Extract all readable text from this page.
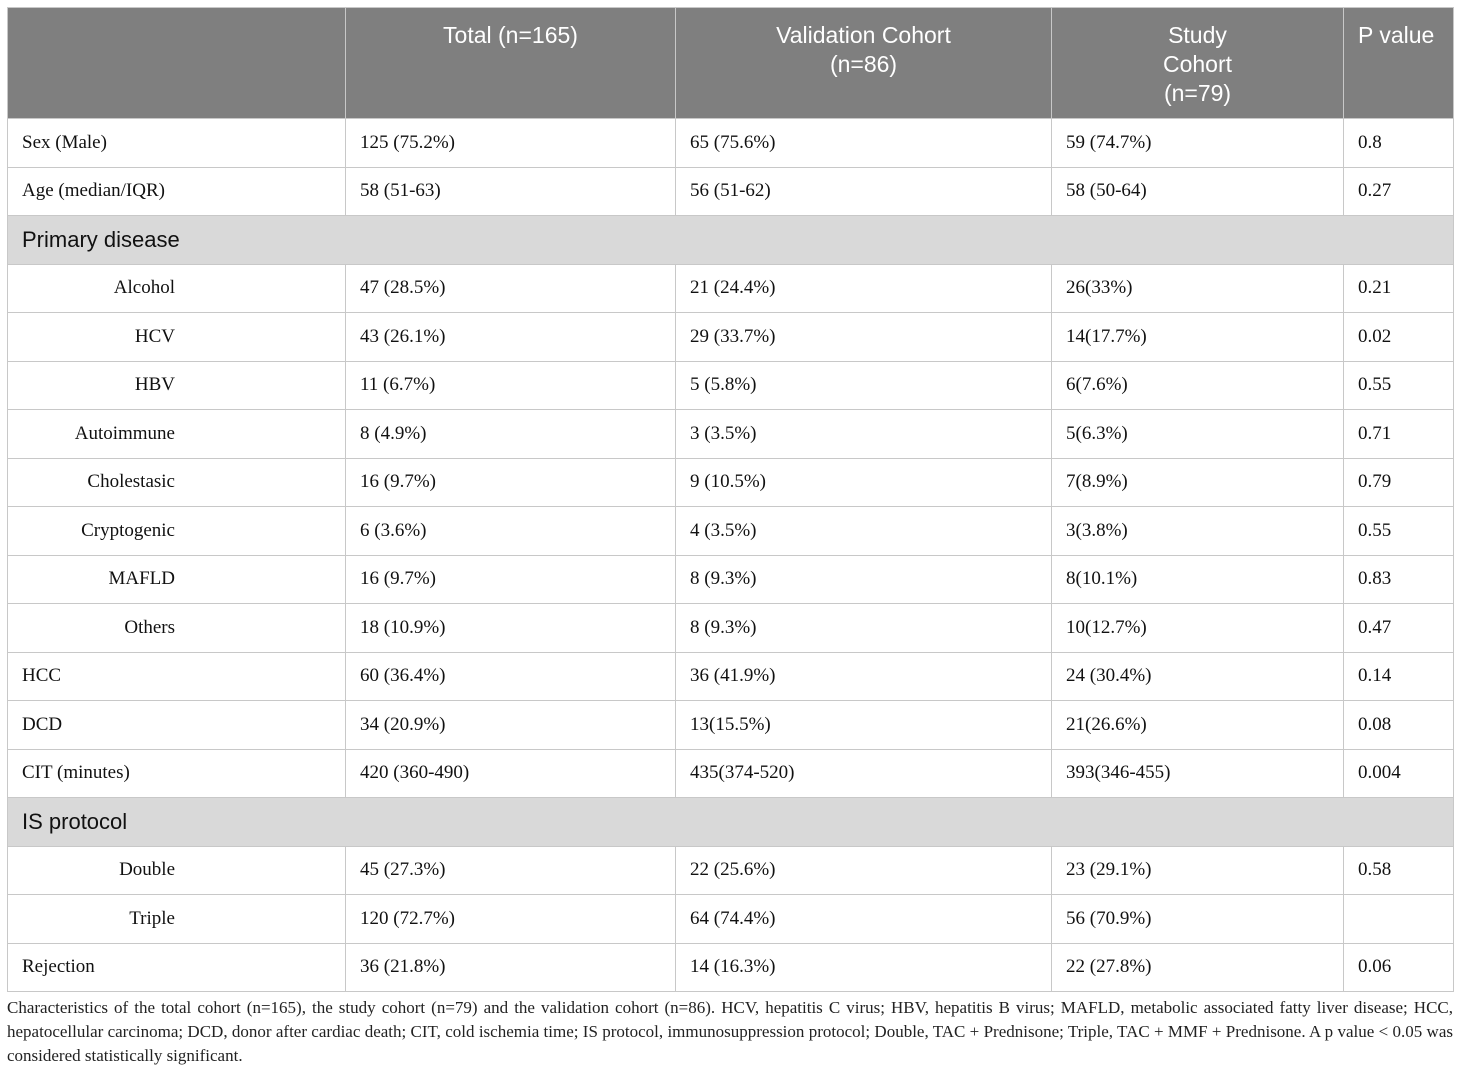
	Total (n=165)	Validation Cohort (n=86)	Study Cohort (n=79)	P value
Sex (Male)	125 (75.2%)	65 (75.6%)	59 (74.7%)	0.8
Age (median/IQR)	58 (51-63)	56 (51-62)	58 (50-64)	0.27
Primary disease				
Alcohol	47 (28.5%)	21 (24.4%)	26(33%)	0.21
HCV	43 (26.1%)	29 (33.7%)	14(17.7%)	0.02
HBV	11 (6.7%)	5 (5.8%)	6(7.6%)	0.55
Autoimmune	8 (4.9%)	3 (3.5%)	5(6.3%)	0.71
Cholestasic	16 (9.7%)	9 (10.5%)	7(8.9%)	0.79
Cryptogenic	6 (3.6%)	4 (3.5%)	3(3.8%)	0.55
MAFLD	16 (9.7%)	8 (9.3%)	8(10.1%)	0.83
Others	18 (10.9%)	8 (9.3%)	10(12.7%)	0.47
HCC	60 (36.4%)	36 (41.9%)	24 (30.4%)	0.14
DCD	34 (20.9%)	13(15.5%)	21(26.6%)	0.08
CIT (minutes)	420 (360-490)	435(374-520)	393(346-455)	0.004
IS protocol				
Double	45 (27.3%)	22 (25.6%)	23 (29.1%)	0.58
Triple	120 (72.7%)	64 (74.4%)	56 (70.9%)	
Rejection	36 (21.8%)	14 (16.3%)	22 (27.8%)	0.06
Characteristics of the total cohort (n=165), the study cohort (n=79) and the validation cohort (n=86). HCV, hepatitis C virus; HBV, hepatitis B virus; MAFLD, metabolic associated fatty liver disease; HCC, hepatocellular carcinoma; DCD, donor after cardiac death; CIT, cold ischemia time; IS protocol, immunosuppression protocol; Double, TAC + Prednisone; Triple, TAC + MMF + Prednisone. A p value < 0.05 was considered statistically significant.
